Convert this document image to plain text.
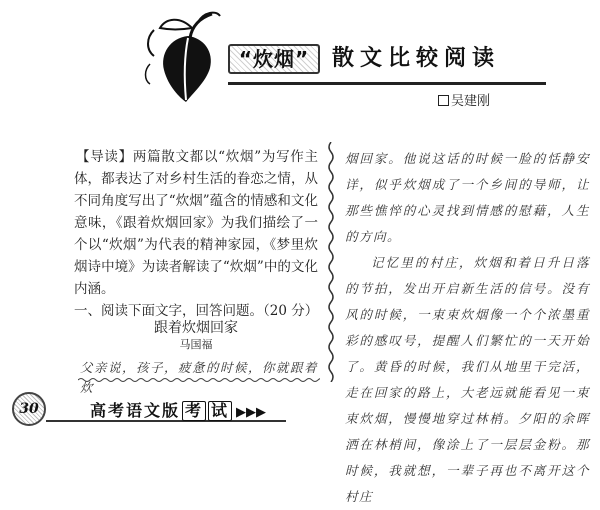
“炊烟”	散文比较阅读
吴建刚

【导读】两篇散文都以“炊烟”为写作主体，都表达了对乡村生活的眷恋之情，从不同角度写出了“炊烟”蕴含的情感和文化意味，《跟着炊烟回家》为我们描绘了一个以“炊烟”为代表的精神家园，《梦里炊烟诗中境》为读者解读了“炊烟”中的文化内涵。

一、阅读下面文字，回答问题。（20 分）

跟着炊烟回家
马国福
父亲说，孩子，疲惫的时候，你就跟着炊

烟回家。他说这话的时候一脸的恬静安详，似乎炊烟成了一个乡间的导师，让那些憔悴的心灵找到情感的慰藉，人生的方向。

记忆里的村庄，炊烟和着日升日落的节拍，发出开启新生活的信号。没有风的时候，一束束炊烟像一个个浓墨重彩的感叹号，提醒人们繁忙的一天开始了。黄昏的时候，我们从地里干完活，走在回家的路上，大老远就能看见一束束炊烟，慢慢地穿过林梢。夕阳的余晖洒在林梢间，像涂上了一层层金粉。那时候，我就想，一辈子再也不离开这个村庄

30	高考语文版 考 试 ▶▶▶
